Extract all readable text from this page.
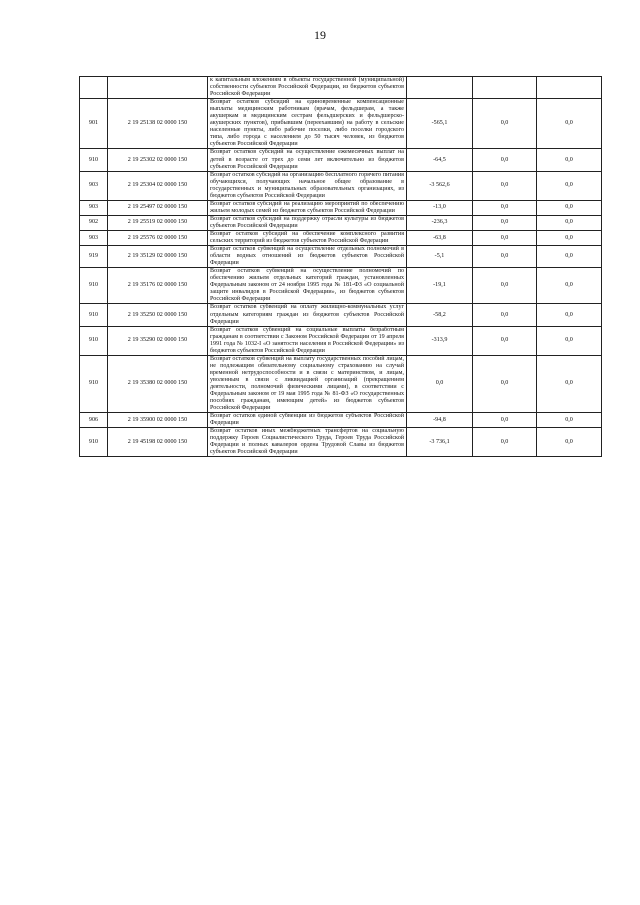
19
		к капитальным вложениям в объекты государственной (муниципальной) собственности субъектов Российской Федерации, из бюджетов субъектов Российской Федерации			
901	2 19 25138 02 0000 150	Возврат остатков субсидий на единовременные компенсационные выплаты медицинским работникам (врачам, фельдшерам, а также акушеркам и медицинским сестрам фельдшерских и фельдшерско-акушерских пунктов), прибывшим (переехавшим) на работу в сельские населенные пункты, либо рабочие поселки, либо поселки городского типа, либо города с населением до 50 тысяч человек, из бюджетов субъектов Российской Федерации	-565,1	0,0	0,0
910	2 19 25302 02 0000 150	Возврат остатков субсидий на осуществление ежемесячных выплат на детей в возрасте от трех до семи лет включительно из бюджетов субъектов Российской Федерации	-64,5	0,0	0,0
903	2 19 25304 02 0000 150	Возврат остатков субсидий на организацию бесплатного горячего питания обучающихся, получающих начальное общее образование в государственных и муниципальных образовательных организациях, из бюджетов субъектов Российской Федерации	-3 562,6	0,0	0,0
903	2 19 25497 02 0000 150	Возврат остатков субсидий на реализацию мероприятий по обеспечению жильем молодых семей из бюджетов субъектов Российской Федерации	-13,0	0,0	0,0
902	2 19 25519 02 0000 150	Возврат остатков субсидий на поддержку отрасли культуры из бюджетов субъектов Российской Федерации	-236,3	0,0	0,0
903	2 19 25576 02 0000 150	Возврат остатков субсидий на обеспечение комплексного развития сельских территорий из бюджетов субъектов Российской Федерации	-63,8	0,0	0,0
919	2 19 35129 02 0000 150	Возврат остатков субвенций на осуществление отдельных полномочий в области водных отношений из бюджетов субъектов Российской Федерации	-5,1	0,0	0,0
910	2 19 35176 02 0000 150	Возврат остатков субвенций на осуществление полномочий по обеспечению жильем отдельных категорий граждан, установленных Федеральным законом от 24 ноября 1995 года № 181-ФЗ «О социальной защите инвалидов в Российской Федерации», из бюджетов субъектов Российской Федерации	-19,1	0,0	0,0
910	2 19 35250 02 0000 150	Возврат остатков субвенций на оплату жилищно-коммунальных услуг отдельным категориям граждан из бюджетов субъектов Российской Федерации	-58,2	0,0	0,0
910	2 19 35290 02 0000 150	Возврат остатков субвенций на социальные выплаты безработным гражданам в соответствии с Законом Российской Федерации от 19 апреля 1991 года № 1032-I «О занятости населения в Российской Федерации» из бюджетов субъектов Российской Федерации	-313,9	0,0	0,0
910	2 19 35380 02 0000 150	Возврат остатков субвенций на выплату государственных пособий лицам, не подлежащим обязательному социальному страхованию на случай временной нетрудоспособности и в связи с материнством, и лицам, уволенным в связи с ликвидацией организаций (прекращением деятельности, полномочий физическими лицами), в соответствии с Федеральным законом от 19 мая 1995 года № 81-ФЗ «О государственных пособиях гражданам, имеющим детей» из бюджетов субъектов Российской Федерации	0,0	0,0	0,0
906	2 19 35900 02 0000 150	Возврат остатков единой субвенции из бюджетов субъектов Российской Федерации	-94,8	0,0	0,0
910	2 19 45198 02 0000 150	Возврат остатков иных межбюджетных трансфертов на социальную поддержку Героев Социалистического Труда, Героев Труда Российской Федерации и полных кавалеров ордена Трудовой Славы из бюджетов субъектов Российской Федерации	-3 736,1	0,0	0,0
